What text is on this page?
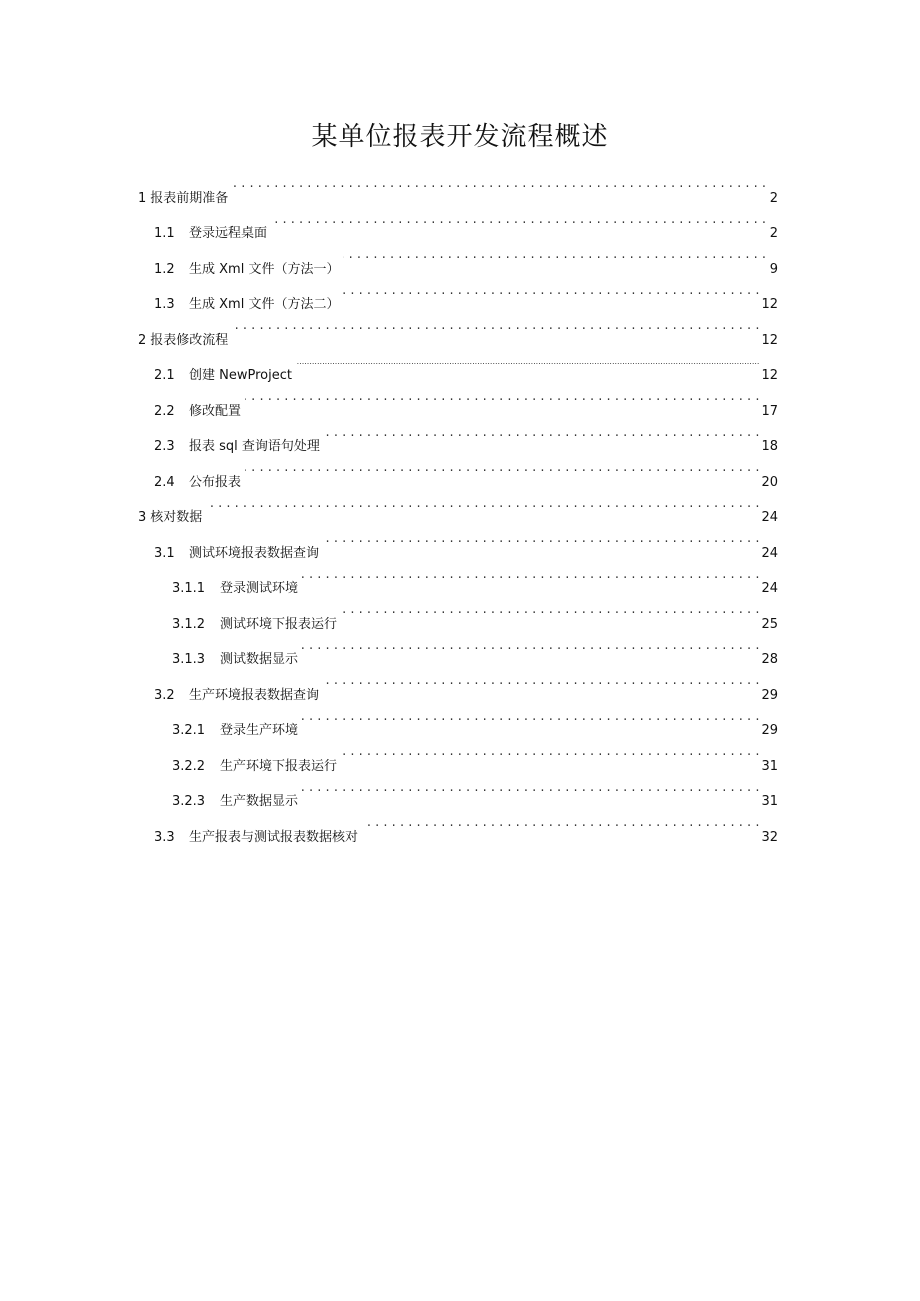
某单位报表开发流程概述
1 报表前期准备 . . .	2
1.1	登录远程桌面 . . .	2
1.2	生成 Xml 文件（方法一） . . .	9
1.3	生成 Xml 文件（方法二） . . .	12
2 报表修改流程 . . .	12
2.1	创建 NewProject .....	12
2.2	修改配置 . . .	17
2.3	报表 sql 查询语句处理 . . .	18
2.4	公布报表 . . .	20
3 核对数据 . . .	24
3.1	测试环境报表数据查询 . . .	24
3.1.1	登录测试环境 . . .	24
3.1.2	测试环境下报表运行 . . .	25
3.1.3	测试数据显示 . . .	28
3.2	生产环境报表数据查询 . . .	29
3.2.1	登录生产环境 . . .	29
3.2.2	生产环境下报表运行 . . .	31
3.2.3	生产数据显示 . . .	31
3.3	生产报表与测试报表数据核对 . . .	32
